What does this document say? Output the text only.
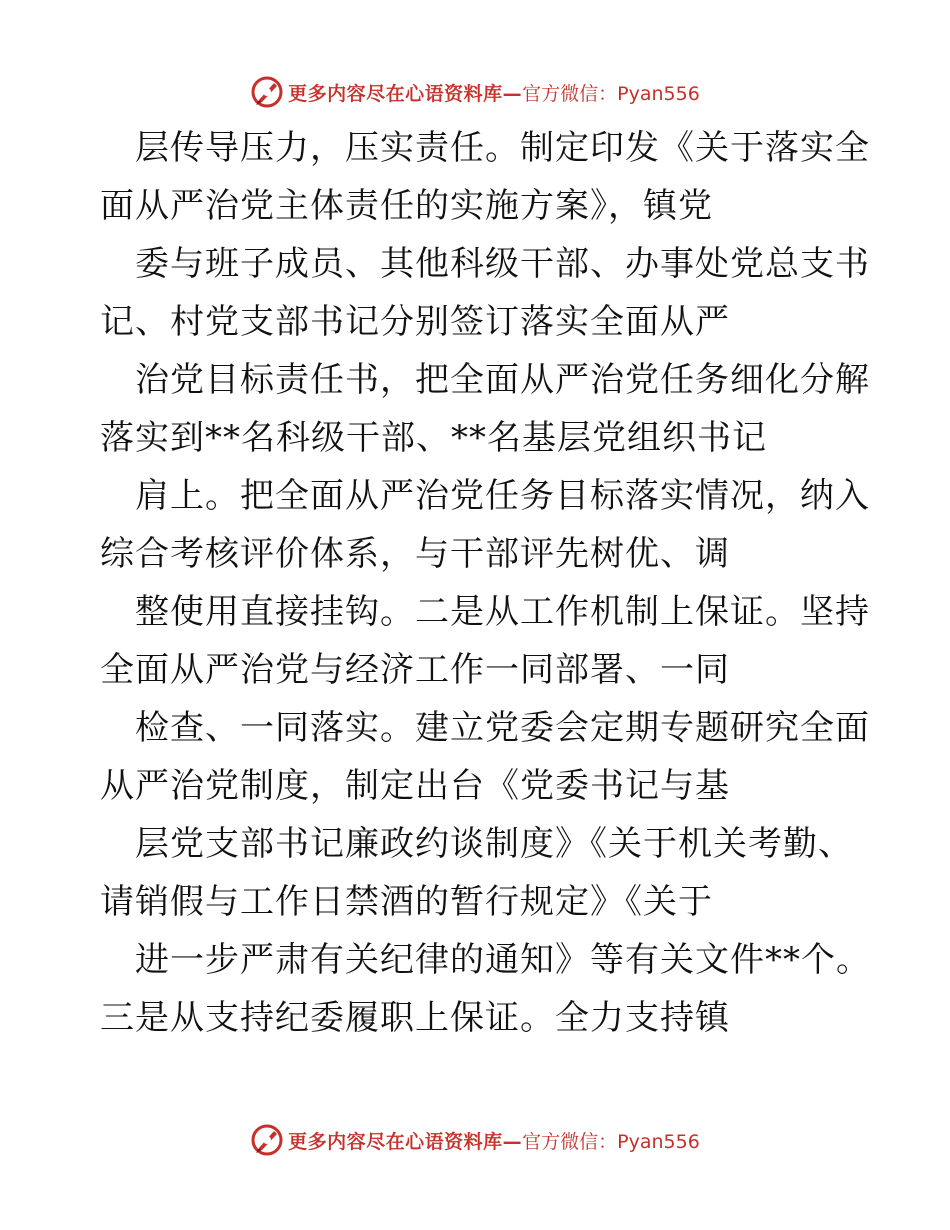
更多内容尽在心语资料库— 官方微信：Pyan556
层传导压力，压实责任。制定印发《关于落实全
面从严治党主体责任的实施方案》，镇党
委与班子成员、其他科级干部、办事处党总支书
记、村党支部书记分别签订落实全面从严
治党目标责任书，把全面从严治党任务细化分解
落实到**名科级干部、**名基层党组织书记
肩上。把全面从严治党任务目标落实情况，纳入
综合考核评价体系，与干部评先树优、调
整使用直接挂钩。二是从工作机制上保证。坚持
全面从严治党与经济工作一同部署、一同
检查、一同落实。建立党委会定期专题研究全面
从严治党制度，制定出台《党委书记与基
层党支部书记廉政约谈制度》《关于机关考勤、
请销假与工作日禁酒的暂行规定》《关于
进一步严肃有关纪律的通知》等有关文件**个。
三是从支持纪委履职上保证。全力支持镇
更多内容尽在心语资料库— 官方微信：Pyan556
